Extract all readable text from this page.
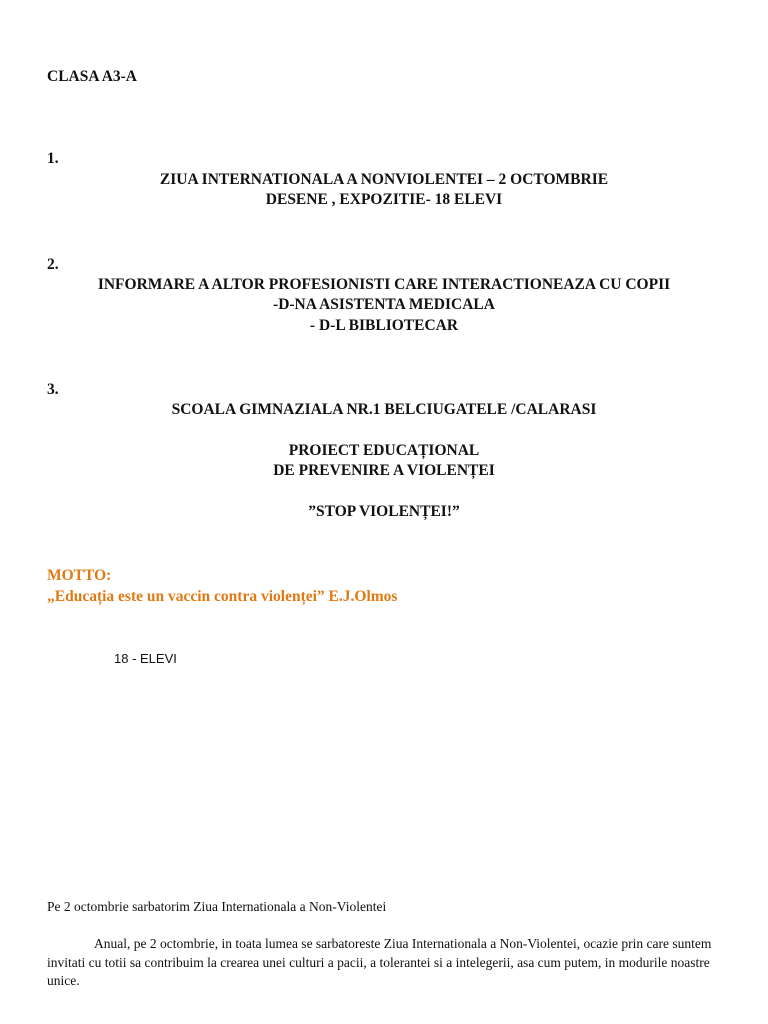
CLASA A3-A
1.
ZIUA INTERNATIONALA A NONVIOLENTEI – 2 OCTOMBRIE
DESENE , EXPOZITIE- 18 ELEVI
2.
INFORMARE A ALTOR PROFESIONISTI CARE INTERACTIONEAZA CU COPII
-D-NA ASISTENTA MEDICALA
- D-L BIBLIOTECAR
3.
SCOALA GIMNAZIALA NR.1 BELCIUGATELE /CALARASI
PROIECT EDUCAȚIONAL
DE PREVENIRE A VIOLENȚEI
”STOP VIOLENȚEI!”
MOTTO:
„Educația este un vaccin contra violenței” E.J.Olmos
18 - ELEVI
Pe 2 octombrie sarbatorim Ziua Internationala a Non-Violentei
Anual, pe 2 octombrie, in toata lumea se sarbatoreste Ziua Internationala a Non-Violentei, ocazie prin care suntem invitati cu totii sa contribuim la crearea unei culturi a pacii, a tolerantei si a intelegerii, asa cum putem, in modurile noastre unice.
